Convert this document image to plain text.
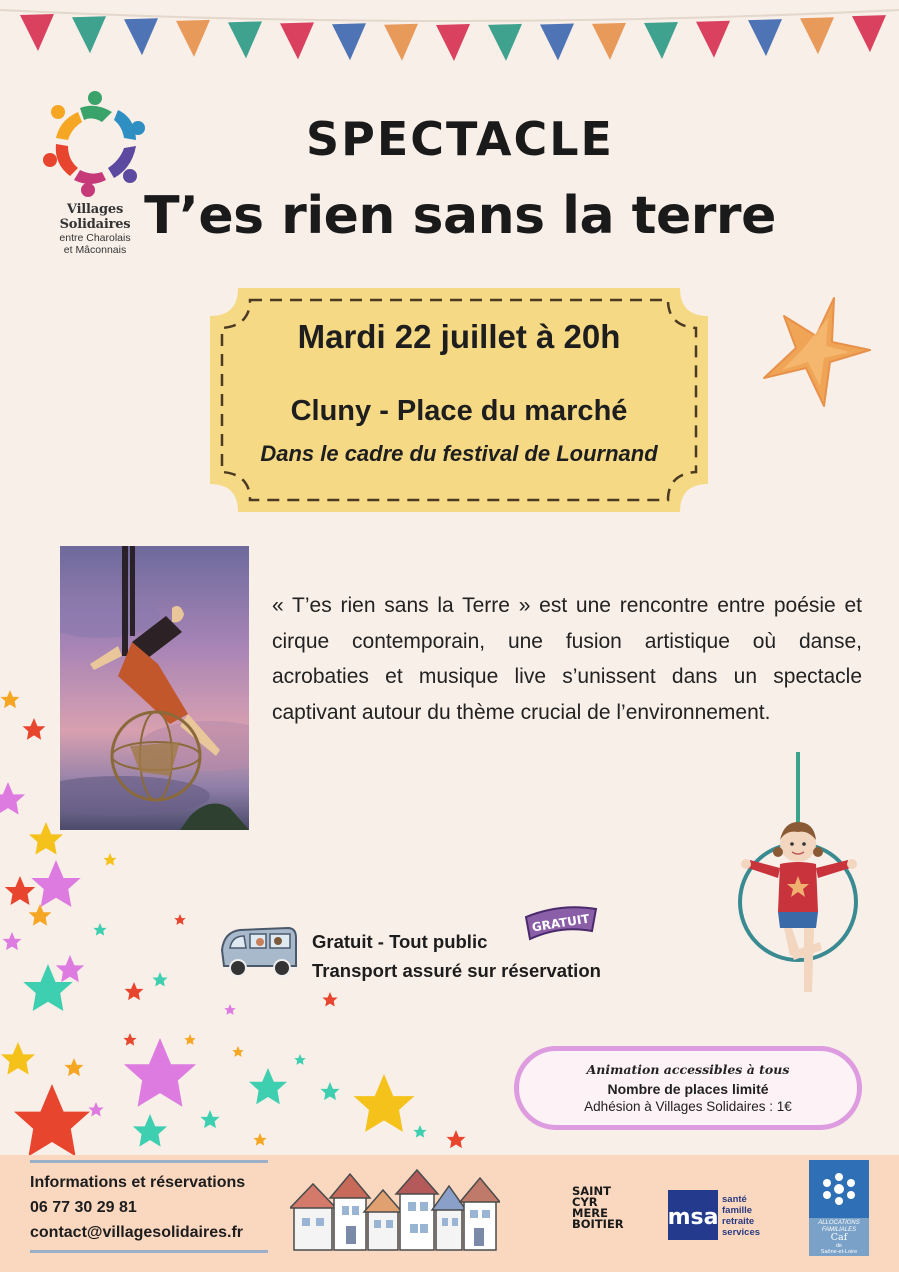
Villages Solidaires
entre Charolais
et Mâconnais
SPECTACLE
T’es rien sans la terre
Mardi 22 juillet à 20h
Cluny - Place du marché
Dans le cadre du festival de Lournand
« T’es rien sans la Terre » est une rencontre entre poésie et cirque contemporain, une fusion artistique où danse, acrobaties et musique live s’unissent dans un spectacle captivant autour du thème crucial de l’environnement.
Gratuit - Tout public
Transport assuré sur réservation
GRATUIT
Animation accessibles à tous
Nombre de places limité
Adhésion à Villages Solidaires : 1€
Informations et réservations
06 77 30 29 81
contact@villagesolidaires.fr
SAINT
CYR
MERE
BOITIER	msa
santé
famille
retraite
services
ALLOCATIONS FAMILIALES
Caf
de
Saône-et-Loire
